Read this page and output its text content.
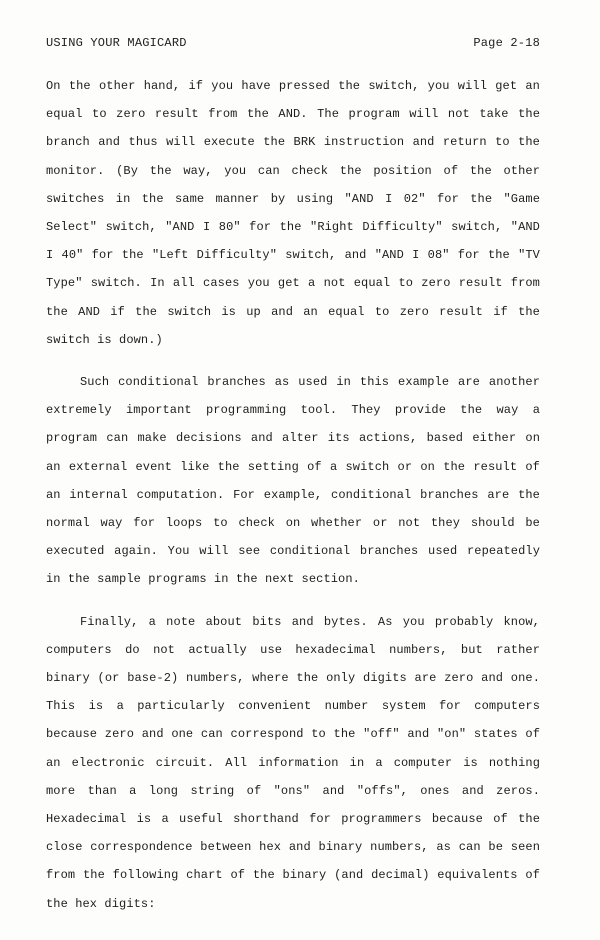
USING YOUR MAGICARD	Page 2-18

On the other hand, if you have pressed the switch, you will get an equal to zero result from the AND. The program will not take the branch and thus will execute the BRK instruction and return to the monitor. (By the way, you can check the position of the other switches in the same manner by using "AND I 02" for the "Game Select" switch, "AND I 80" for the "Right Difficulty" switch, "AND I 40" for the "Left Difficulty" switch, and "AND I 08" for the "TV Type" switch. In all cases you get a not equal to zero result from the AND if the switch is up and an equal to zero result if the switch is down.)

Such conditional branches as used in this example are another extremely important programming tool. They provide the way a program can make decisions and alter its actions, based either on an external event like the setting of a switch or on the result of an internal computation. For example, conditional branches are the normal way for loops to check on whether or not they should be executed again. You will see conditional branches used repeatedly in the sample programs in the next section.

Finally, a note about bits and bytes. As you probably know, computers do not actually use hexadecimal numbers, but rather binary (or base-2) numbers, where the only digits are zero and one. This is a particularly convenient number system for computers because zero and one can correspond to the "off" and "on" states of an electronic circuit. All information in a computer is nothing more than a long string of "ons" and "offs", ones and zeros. Hexadecimal is a useful shorthand for programmers because of the close correspondence between hex and binary numbers, as can be seen from the following chart of the binary (and decimal) equivalents of the hex digits:
